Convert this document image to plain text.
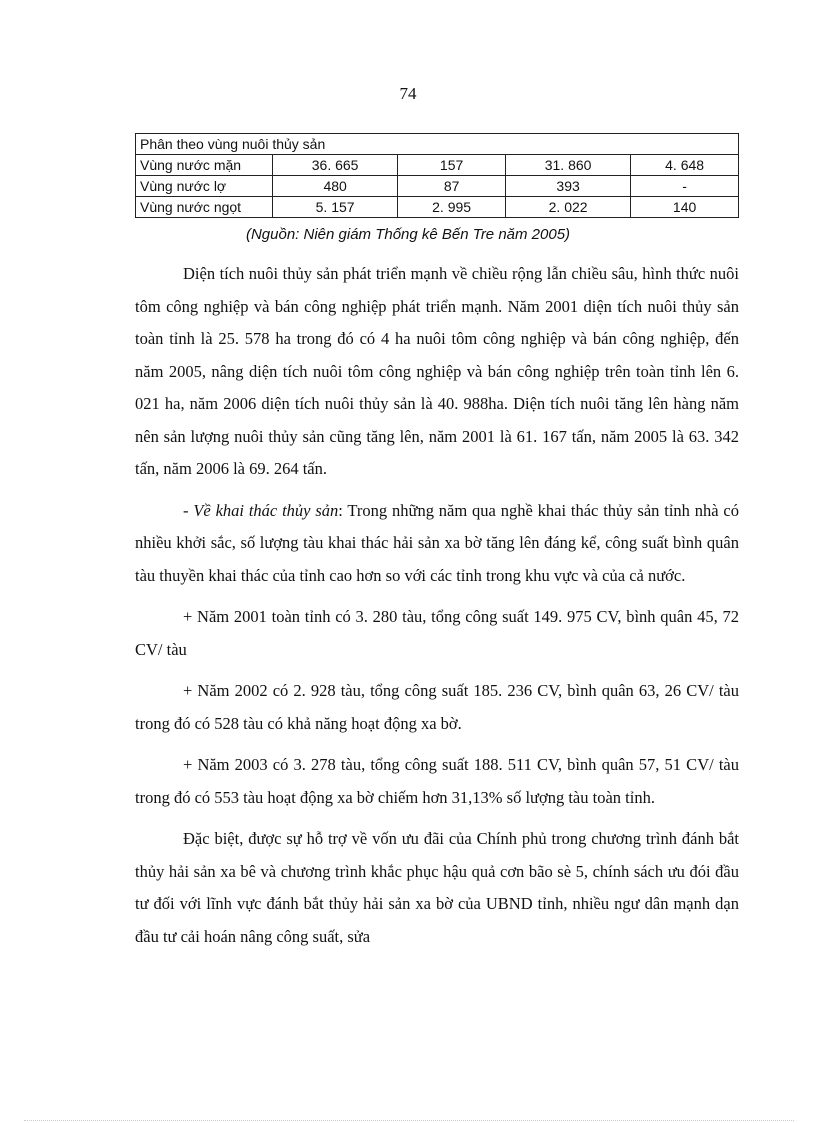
74
Phân theo vùng nuôi thủy sản				
Vùng nước mặn	36. 665	157	31. 860	4. 648
Vùng nước lợ	480	87	393	-
Vùng nước ngọt	5. 157	2. 995	2. 022	140
(Nguồn: Niên giám Thống kê Bến Tre năm 2005)

Diện tích nuôi thủy sản phát triển mạnh về chiều rộng lẫn chiều sâu, hình thức nuôi tôm công nghiệp và bán công nghiệp phát triển mạnh. Năm 2001 diện tích nuôi thủy sản toàn tỉnh là 25. 578 ha trong đó có 4 ha nuôi tôm công nghiệp và bán công nghiệp, đến năm 2005, nâng diện tích nuôi tôm công nghiệp và bán công nghiệp trên toàn tỉnh lên 6. 021 ha, năm 2006 diện tích nuôi thủy sản là 40. 988ha. Diện tích nuôi tăng lên hàng năm nên sản lượng nuôi thủy sản cũng tăng lên, năm 2001 là 61. 167 tấn, năm 2005 là 63. 342 tấn, năm 2006 là 69. 264 tấn.

- Về khai thác thủy sản: Trong những năm qua nghề khai thác thủy sản tỉnh nhà có nhiều khởi sắc, số lượng tàu khai thác hải sản xa bờ tăng lên đáng kể, công suất bình quân tàu thuyền khai thác của tỉnh cao hơn so với các tỉnh trong khu vực và của cả nước.

+ Năm 2001 toàn tỉnh có 3. 280 tàu, tổng công suất 149. 975 CV, bình quân 45, 72 CV/ tàu

+ Năm 2002 có 2. 928 tàu, tổng công suất 185. 236 CV, bình quân 63, 26 CV/ tàu trong đó có 528 tàu có khả năng hoạt động xa bờ.

+ Năm 2003 có 3. 278 tàu, tổng công suất 188. 511 CV, bình quân 57, 51 CV/ tàu trong đó có 553 tàu hoạt động xa bờ chiếm hơn 31,13% số lượng tàu toàn tỉnh.

Đặc biệt, được sự hỗ trợ về vốn ưu đãi của Chính phủ trong chương trình đánh bắt thủy hải sản xa bê và chương trình khắc phục hậu quả cơn bão sè 5, chính sách ưu đói đầu tư đối với lĩnh vực đánh bắt thủy hải sản xa bờ của UBND tỉnh, nhiều ngư dân mạnh dạn đầu tư cải hoán nâng công suất, sửa
